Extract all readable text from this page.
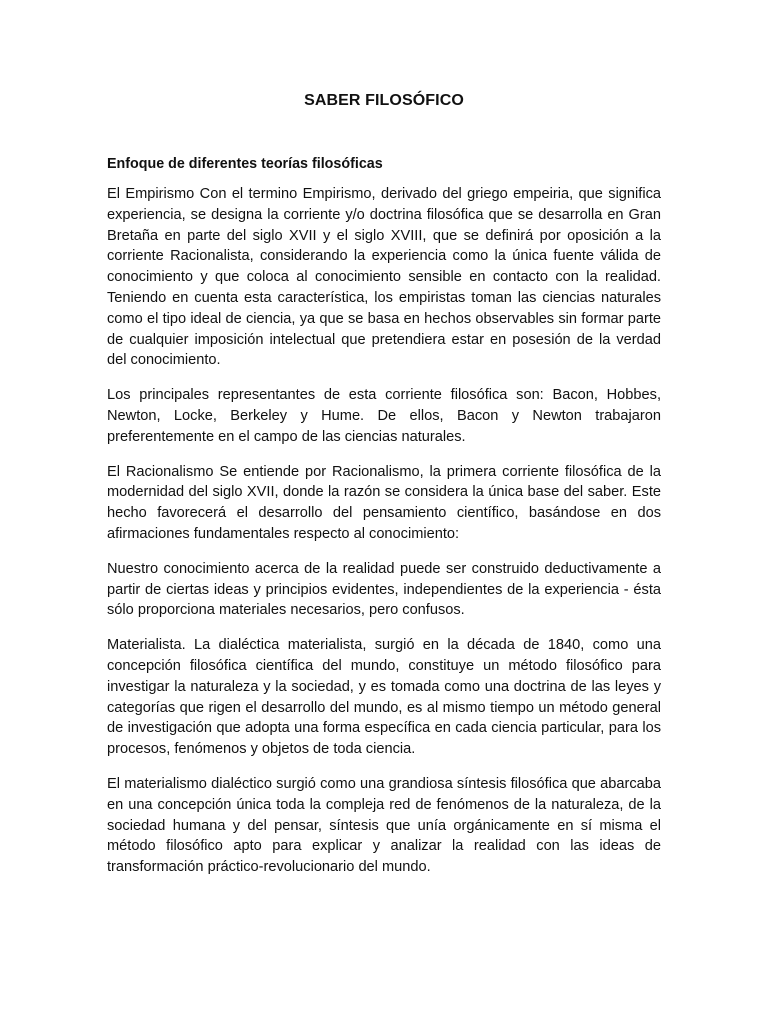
SABER FILOSÓFICO
Enfoque de diferentes teorías filosóficas

El Empirismo Con el termino Empirismo, derivado del griego empeiria, que significa experiencia, se designa la corriente y/o doctrina filosófica que se desarrolla en Gran Bretaña en parte del siglo XVII y el siglo XVIII, que se definirá por oposición a la corriente Racionalista, considerando la experiencia como la única fuente válida de conocimiento y que coloca al conocimiento sensible en contacto con la realidad. Teniendo en cuenta esta característica, los empiristas toman las ciencias naturales como el tipo ideal de ciencia, ya que se basa en hechos observables sin formar parte de cualquier imposición intelectual que pretendiera estar en posesión de la verdad del conocimiento.

Los principales representantes de esta corriente filosófica son: Bacon, Hobbes, Newton, Locke, Berkeley y Hume. De ellos, Bacon y Newton trabajaron preferentemente en el campo de las ciencias naturales.

El Racionalismo Se entiende por Racionalismo, la primera corriente filosófica de la modernidad del siglo XVII, donde la razón se considera la única base del saber. Este hecho favorecerá el desarrollo del pensamiento científico, basándose en dos afirmaciones fundamentales respecto al conocimiento:

Nuestro conocimiento acerca de la realidad puede ser construido deductivamente a partir de ciertas ideas y principios evidentes, independientes de la experiencia - ésta sólo proporciona materiales necesarios, pero confusos.

Materialista. La dialéctica materialista, surgió en la década de 1840, como una concepción filosófica científica del mundo, constituye un método filosófico para investigar la naturaleza y la sociedad, y es tomada como una doctrina de las leyes y categorías que rigen el desarrollo del mundo, es al mismo tiempo un método general de investigación que adopta una forma específica en cada ciencia particular, para los procesos, fenómenos y objetos de toda ciencia.

El materialismo dialéctico surgió como una grandiosa síntesis filosófica que abarcaba en una concepción única toda la compleja red de fenómenos de la naturaleza, de la sociedad humana y del pensar, síntesis que unía orgánicamente en sí misma el método filosófico apto para explicar y analizar la realidad con las ideas de transformación práctico-revolucionario del mundo.
